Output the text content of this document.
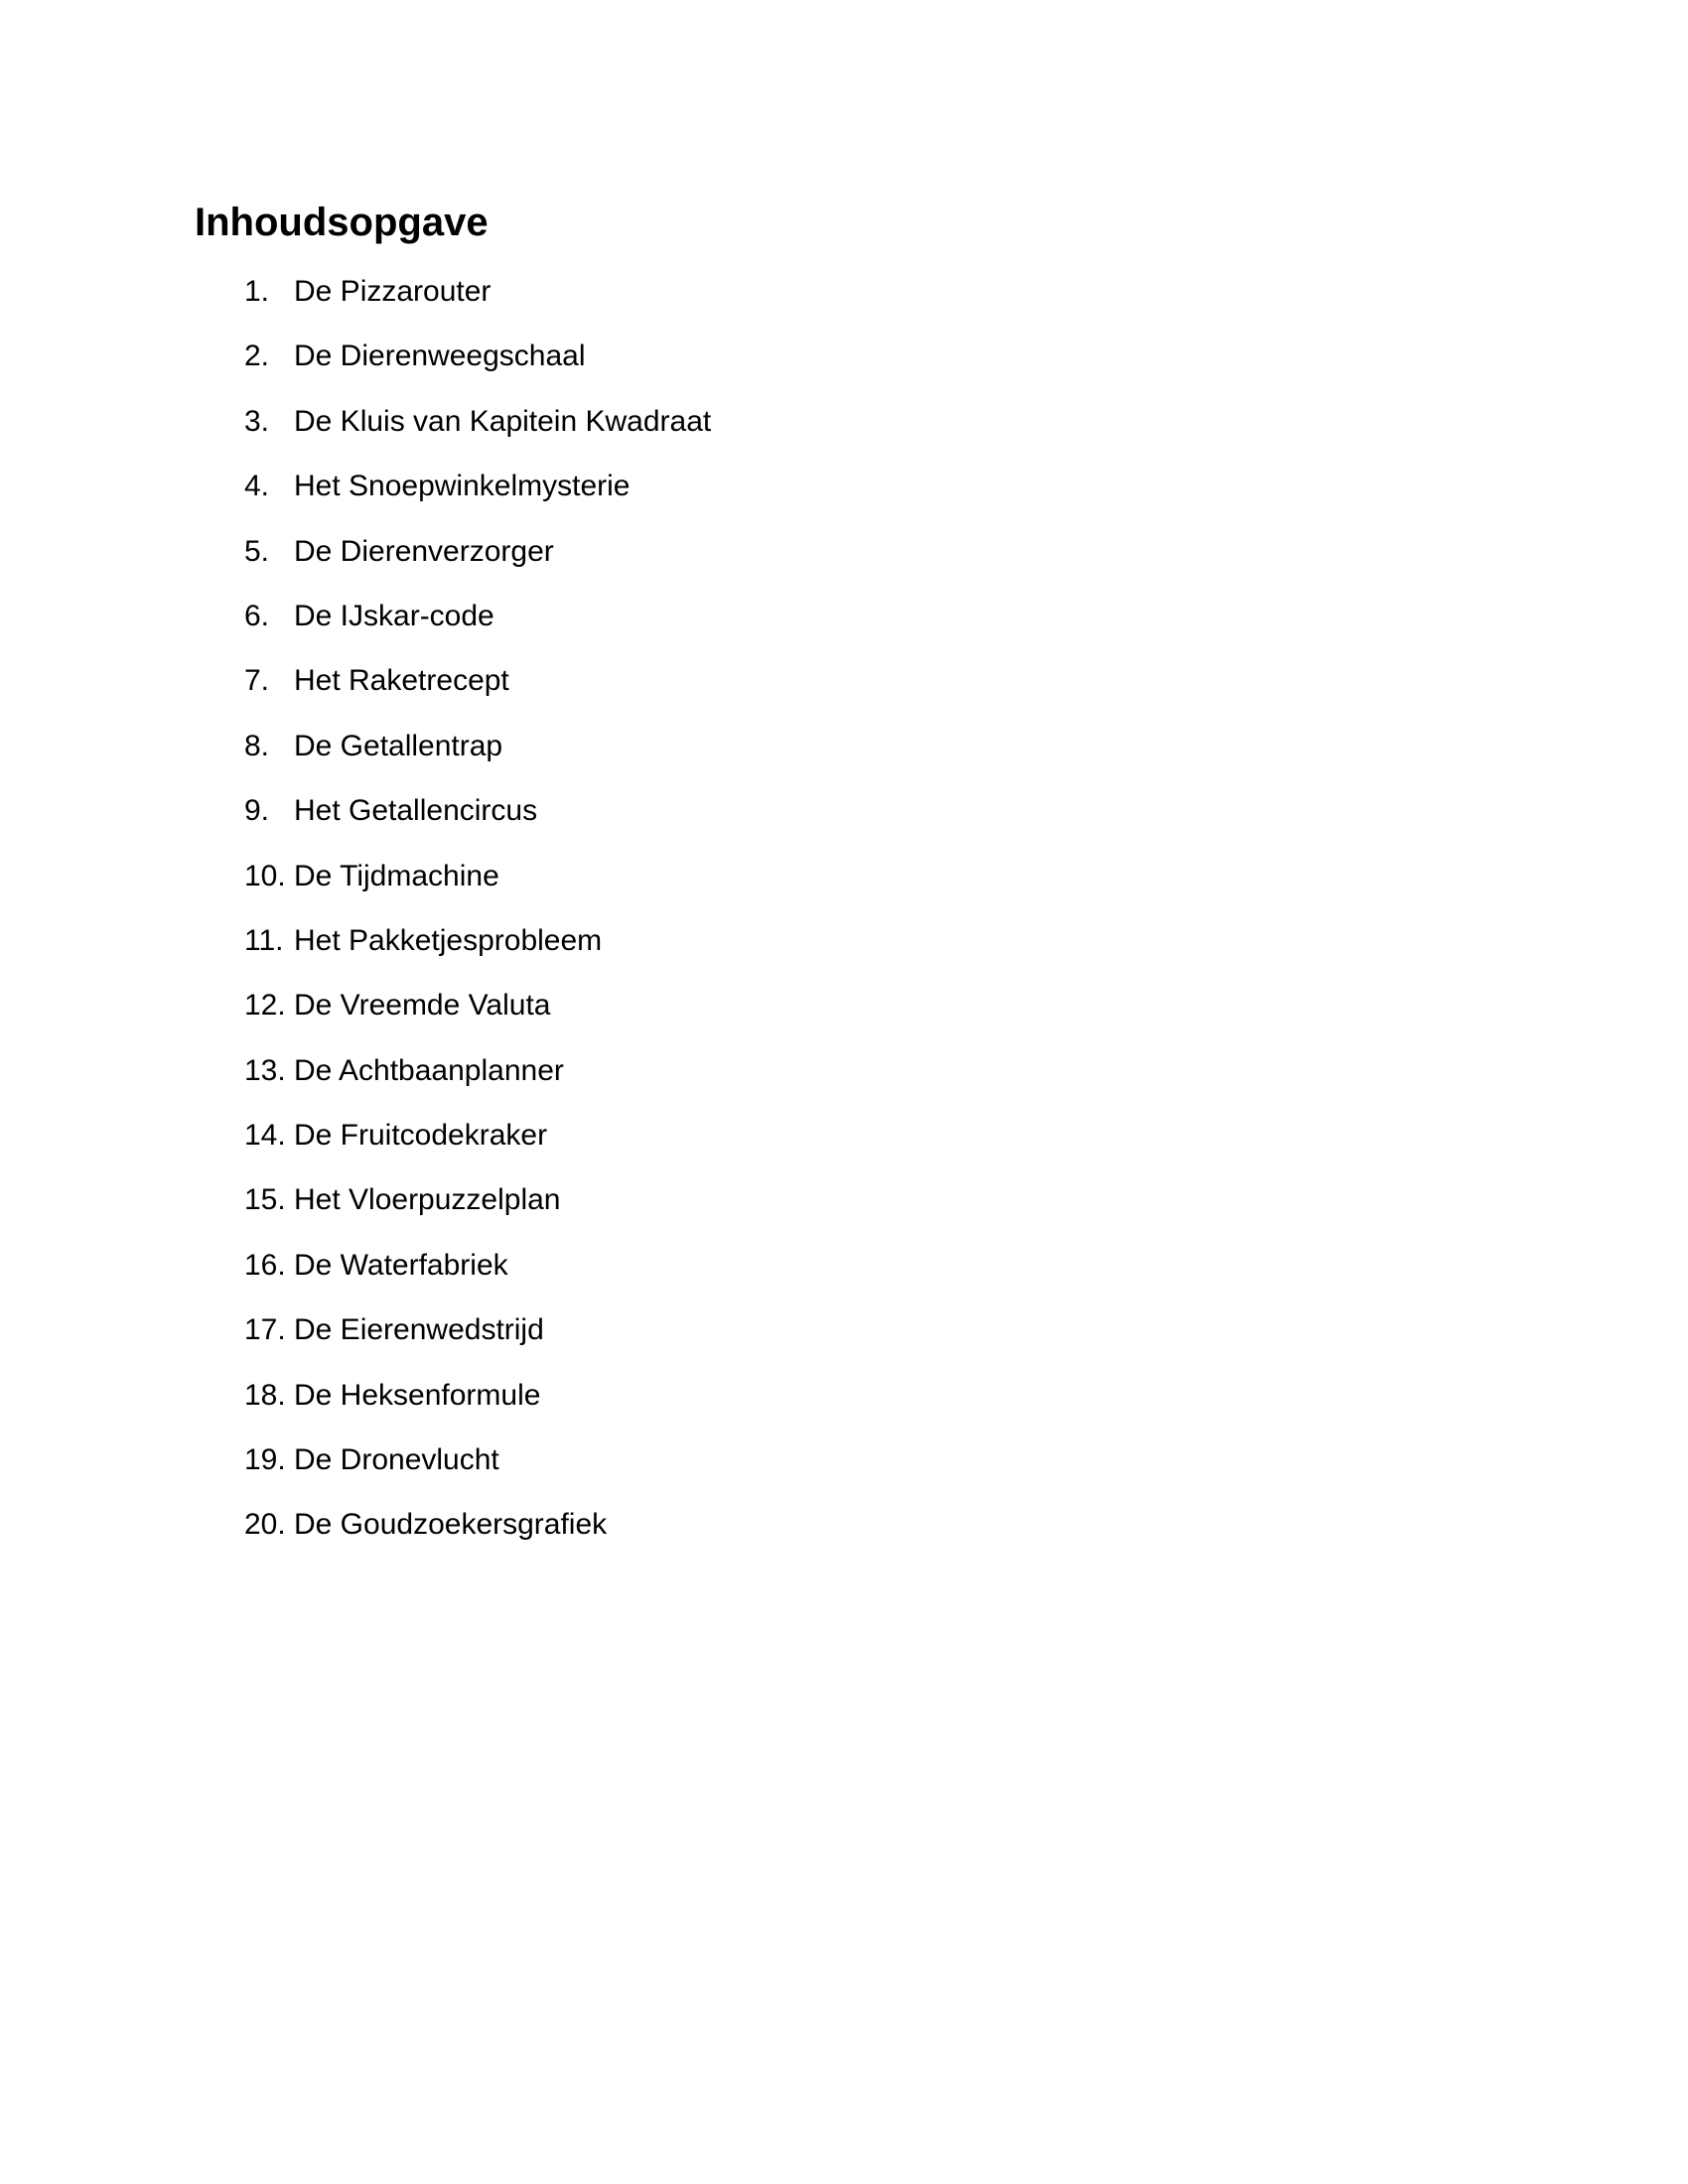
Inhoudsopgave
1. De Pizzarouter
2. De Dierenweegschaal
3. De Kluis van Kapitein Kwadraat
4. Het Snoepwinkelmysterie
5. De Dierenverzorger
6. De IJskar-code
7. Het Raketrecept
8. De Getallentrap
9. Het Getallencircus
10. De Tijdmachine
11. Het Pakketjesprobleem
12. De Vreemde Valuta
13. De Achtbaanplanner
14. De Fruitcodekraker
15. Het Vloerpuzzelplan
16. De Waterfabriek
17. De Eierenwedstrijd
18. De Heksenformule
19. De Dronevlucht
20. De Goudzoekersgrafiek
